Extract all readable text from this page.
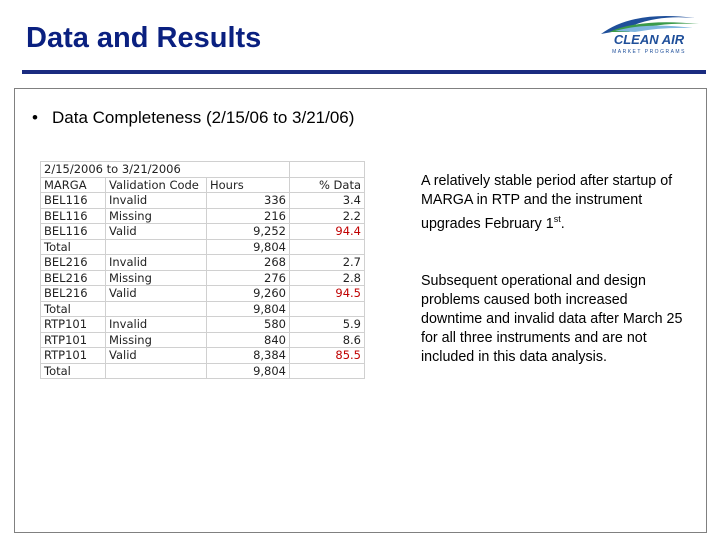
Data and Results	CLEAN AIR
MARKET PROGRAMS
• Data Completeness (2/15/06 to 3/21/06)
2/15/2006 to 3/21/2006			
MARGA	Validation Code	Hours	% Data
BEL116	Invalid	336	3.4
BEL116	Missing	216	2.2
BEL116	Valid	9,252	94.4
Total		9,804	
BEL216	Invalid	268	2.7
BEL216	Missing	276	2.8
BEL216	Valid	9,260	94.5
Total		9,804	
RTP101	Invalid	580	5.9
RTP101	Missing	840	8.6
RTP101	Valid	8,384	85.5
Total		9,804	
A relatively stable period after startup of MARGA in RTP and the instrument upgrades February 1st.
Subsequent operational and design problems caused both increased downtime and invalid data after March 25 for all three instruments and are not included in this data analysis.
